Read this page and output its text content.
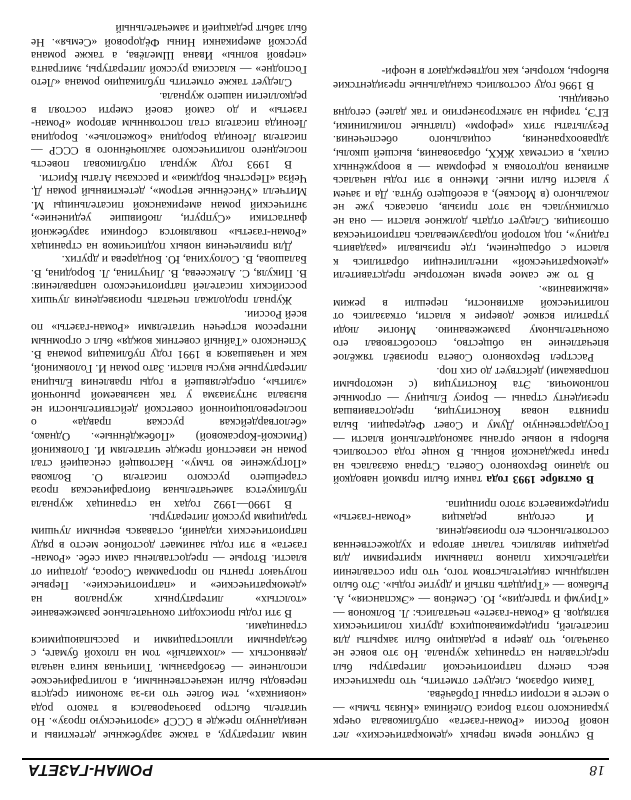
18
РОМАН-ГАЗЕТА

В смутное время первых «демократических» лет новой России «Роман-газета» опубликовала очерк украинского поэта Бориса Олейника «Князь тьмы» — о месте в истории страны Горбачёва.

Таким образом, следует отметить, что практически весь спектр патриотической литературы был представлен на страницах журнала. Но это вовсе не означало, что двери в редакцию были закрыты для писателей, придерживающихся других политических взглядов. В «Роман-газете» печатались: Л. Волконов — «Триумф и трагедия», Ю. Семёнов — «Экспансия», А. Рыбаков — «Тридцать пятый и другие годы». Это было наглядным свидетельством того, что при составлении издательских планов главными критериями для редакции являлись талант автора и художественная состоятельность его произведения.

И сегодня редакция «Роман-газеты» придерживается этого принципа.

В октябре 1993 года танки были прямой наводкой по зданию Верховного Совета. Страна оказалась на грани гражданской войны. В конце года состоялись выборы в новые органы законодательной власти — Государственную Думу и Совет Федерации. Была принята новая Конституция, предоставившая президенту страны — Борису Ельцину — огромные полномочия. Эта Конституция (с некоторыми поправками) действует до сих пор.

Расстрел Верховного Совета произвёл тяжёлое впечатление на общество, способствовал его окончательному размежеванию. Многие люди утратили всякое доверие к власти, отказались от политической активности, перешли в режим «выживания».

В то же самое время некоторые представители «демократической» интеллигенции обратились к власти с обращением, где призывали «раздавить гадину», под которой подразумевалась патриотическая оппозиция. Следует отдать должное власти — она не откликнулась на этот призыв, опасаясь уже не локального (в Москве), а всеобщего бунта. Да и зачем у власти были иные. Именно в эти годы началась активная подготовка к реформам — в вооружённых силах, в системах ЖКХ, образования, высшей школы, здравоохранения, социального обеспечения. Результаты этих «реформ» (платные поликлиники, ЕГЭ, тарифы на электроэнергию и так далее) сегодня очевидны.

В 1996 году состоялись скандальные президентские выборы, которые, как подтверждают в неофи-

ниям литературу, а также зарубежные детективы и невиданную прежде в СССР «эротическую прозу». Но читатель быстро разочаровался в такого рода «новинках», тем более что из-за экономии средств переводы были некачественными, а полиграфическое исполнение — безобразным. Типичная книга начала девяностых — «лохматый» том на плохой бумаге, с бездарными иллюстрациями и рассыпающимися страницами.

В эти годы происходит окончательное размежевание «толстых» литературных журналов на «демократические» и «патриотические». Первые получают гранты по программам Сороса, дотации от власти. Вторые — предоставлены сами себе. «Роман-газета» в эти годы занимает достойное место в ряду патриотических изданий, оставаясь верными лучшим традициям русской литературы.

В 1990—1992 годах на страницах журнала публикуется замечательная биографическая проза старейшего русского писателя О. Волкова «Погружение во тьму». Настоящей сенсацией стал роман не известной прежде читателям И. Головкиной (Римской-Корсаковой) «Побеждённые». Однако, «белогвардейская русская правда» о послереволюционной советской действительности не вызвала энтузиазма у так называемой рыночной «элиты», определявшей в годы правления Ельцина литературные вкусы власти. Зато роман И. Головкиной, как и начавшаяся в 1991 году публикация романа В. Успенского «Тайный советник вождя» был с огромным интересом встречен читателями «Роман-газеты» по всей России.

Журнал продолжал печатать произведения лучших российских писателей патриотического направления: В. Пикуля, С. Алексеева, В. Личутина, Л. Бородина, В. Балашова, В. Солоухина, Ю. Бондарева и других.

Для привлечения новых подписчиков на страницах «Роман-газеты» появляются сборники зарубежной фантастики «Супруги, любившие уединение», энтический роман американской писательницы М. Митчелл «Унесённые ветром», детективный роман Д. Чейза «Перстень Борджиа» и рассказы Агаты Кристи.

В 1993 году журнал опубликовал повесть последнего политического заключённого в СССР — писателя Леонида Бородина «Божеполье». Бородина Леонида писателя стал постоянным автором «Роман-газеты» и до самой своей смерти состоял в редколлегии нашего журнала.

Следует также отметить публикацию романа «Лето Господне» — классика русской литературы, эмигранта «первой волны» Ивана Шмелёва, а также романа русской американки Нины Фёдоровой «Семья». Не был забыт редакцией и замечательный
